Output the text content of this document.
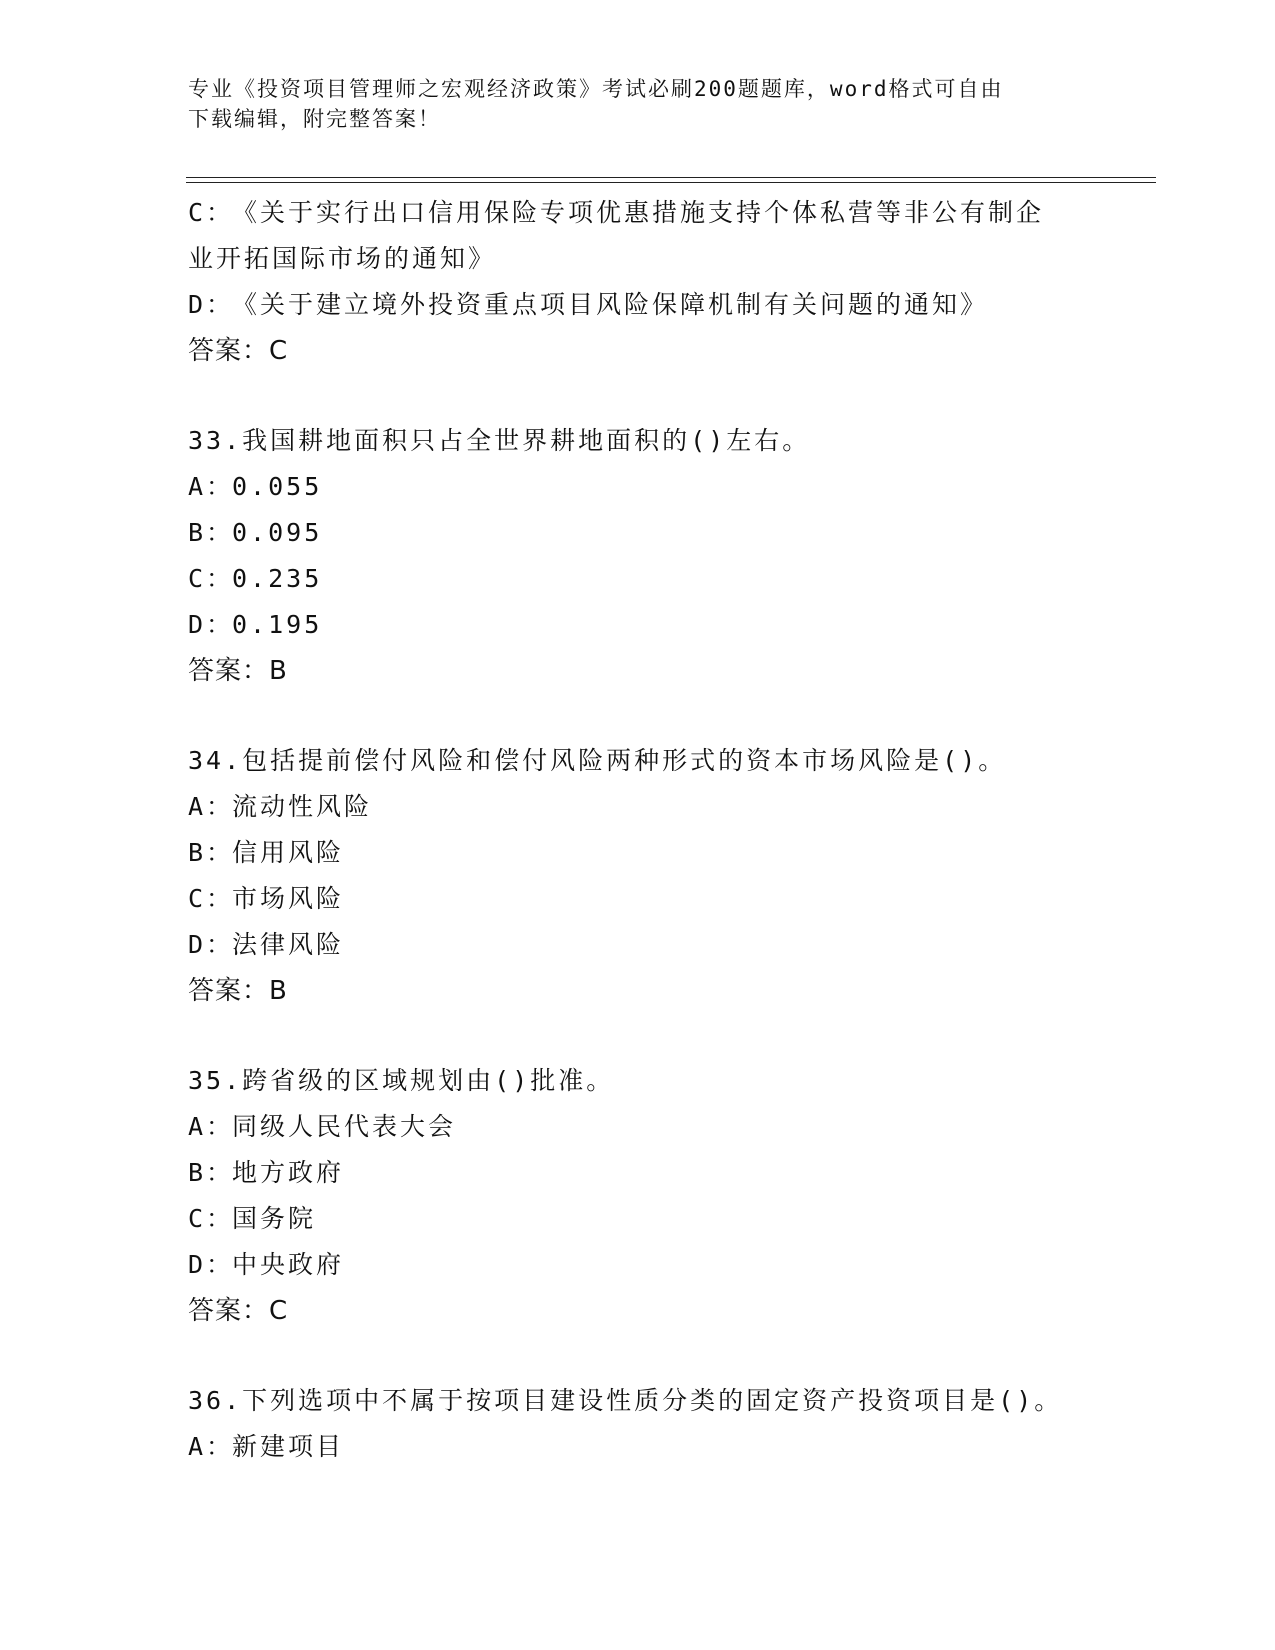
专业《投资项目管理师之宏观经济政策》考试必刷200题题库，word格式可自由
下载编辑，附完整答案！
C：《关于实行出口信用保险专项优惠措施支持个体私营等非公有制企
业开拓国际市场的通知》
D：《关于建立境外投资重点项目风险保障机制有关问题的通知》
答案：C
33.我国耕地面积只占全世界耕地面积的()左右。
A：0.055
B：0.095
C：0.235
D：0.195
答案：B
34.包括提前偿付风险和偿付风险两种形式的资本市场风险是()。
A：流动性风险
B：信用风险
C：市场风险
D：法律风险
答案：B
35.跨省级的区域规划由()批准。
A：同级人民代表大会
B：地方政府
C：国务院
D：中央政府
答案：C
36.下列选项中不属于按项目建设性质分类的固定资产投资项目是()。
A：新建项目
